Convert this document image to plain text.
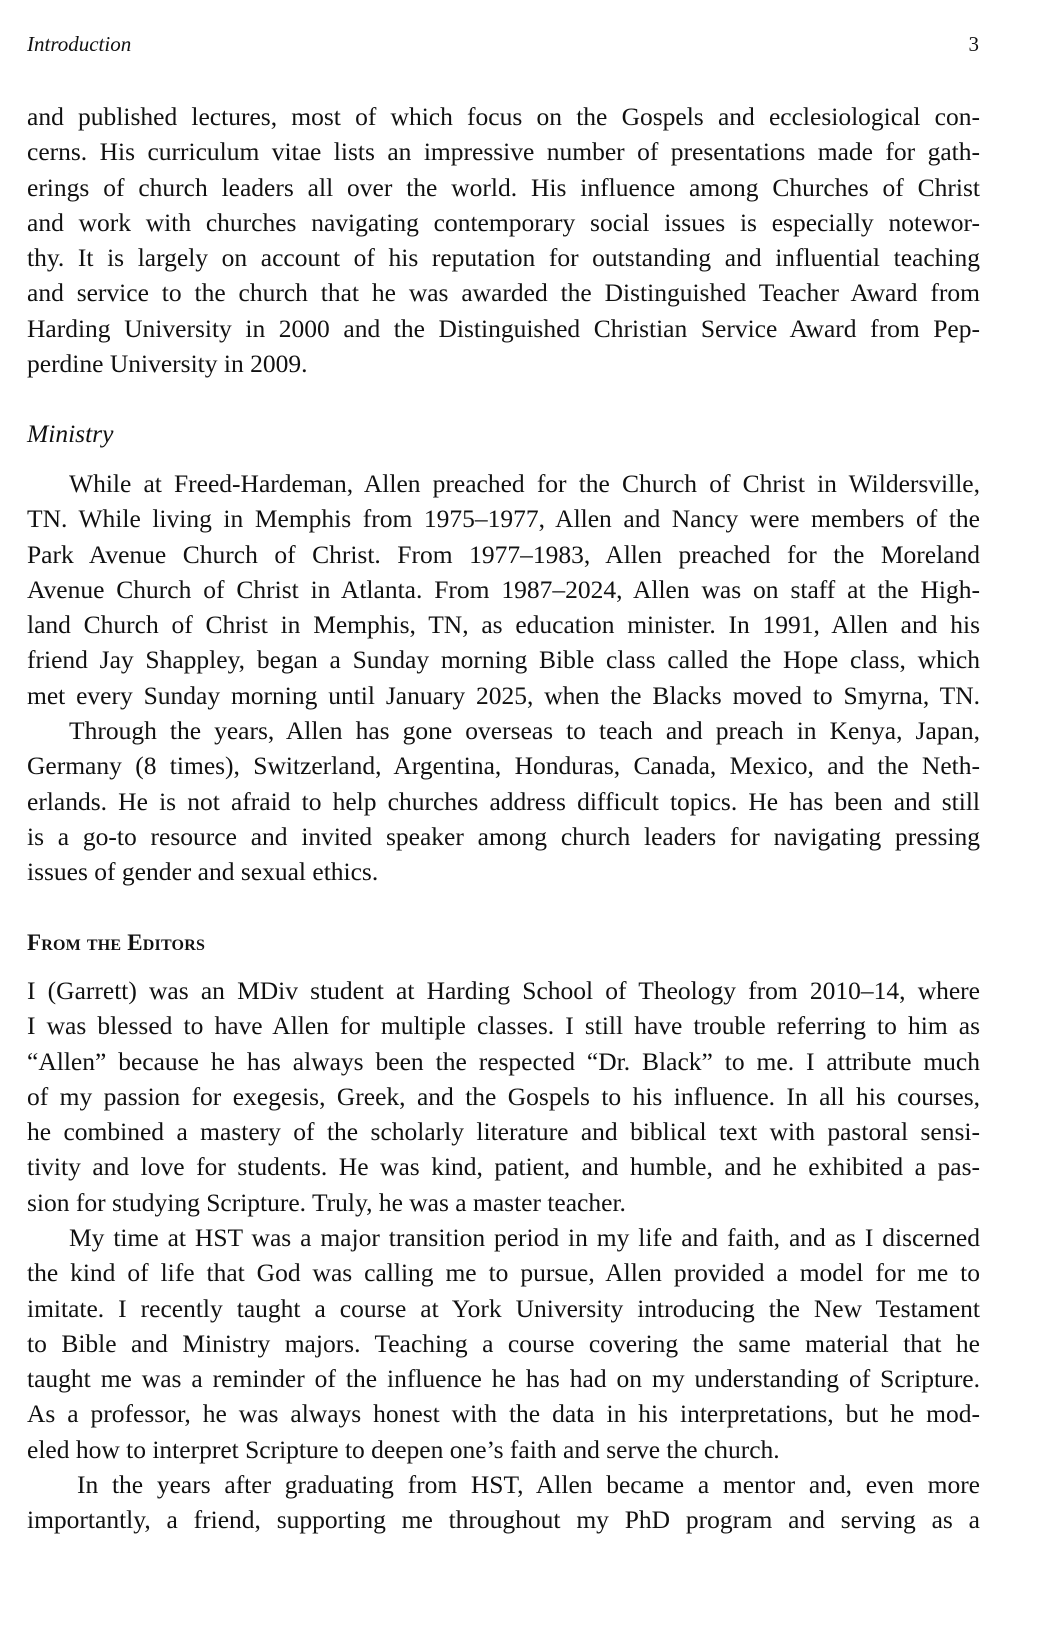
Introduction	3
and published lectures, most of which focus on the Gospels and ecclesiological con-
cerns. His curriculum vitae lists an impressive number of presentations made for gath-
erings of church leaders all over the world. His influence among Churches of Christ
and work with churches navigating contemporary social issues is especially notewor-
thy. It is largely on account of his reputation for outstanding and influential teaching
and service to the church that he was awarded the Distinguished Teacher Award from
Harding University in 2000 and the Distinguished Christian Service Award from Pep-
perdine University in 2009.
Ministry
While at Freed-Hardeman, Allen preached for the Church of Christ in Wildersville,
TN. While living in Memphis from 1975–1977, Allen and Nancy were members of the
Park Avenue Church of Christ. From 1977–1983, Allen preached for the Moreland
Avenue Church of Christ in Atlanta. From 1987–2024, Allen was on staff at the High-
land Church of Christ in Memphis, TN, as education minister. In 1991, Allen and his
friend Jay Shappley, began a Sunday morning Bible class called the Hope class, which
met every Sunday morning until January 2025, when the Blacks moved to Smyrna, TN.
Through the years, Allen has gone overseas to teach and preach in Kenya, Japan,
Germany (8 times), Switzerland, Argentina, Honduras, Canada, Mexico, and the Neth-
erlands. He is not afraid to help churches address difficult topics. He has been and still
is a go-to resource and invited speaker among church leaders for navigating pressing
issues of gender and sexual ethics.
From the Editors
I (Garrett) was an MDiv student at Harding School of Theology from 2010–14, where
I was blessed to have Allen for multiple classes. I still have trouble referring to him as
“Allen” because he has always been the respected “Dr. Black” to me. I attribute much
of my passion for exegesis, Greek, and the Gospels to his influence. In all his courses,
he combined a mastery of the scholarly literature and biblical text with pastoral sensi-
tivity and love for students. He was kind, patient, and humble, and he exhibited a pas-
sion for studying Scripture. Truly, he was a master teacher.
My time at HST was a major transition period in my life and faith, and as I discerned
the kind of life that God was calling me to pursue, Allen provided a model for me to
imitate. I recently taught a course at York University introducing the New Testament
to Bible and Ministry majors. Teaching a course covering the same material that he
taught me was a reminder of the influence he has had on my understanding of Scripture.
As a professor, he was always honest with the data in his interpretations, but he mod-
eled how to interpret Scripture to deepen one’s faith and serve the church.
In the years after graduating from HST, Allen became a mentor and, even more
importantly, a friend, supporting me throughout my PhD program and serving as a
